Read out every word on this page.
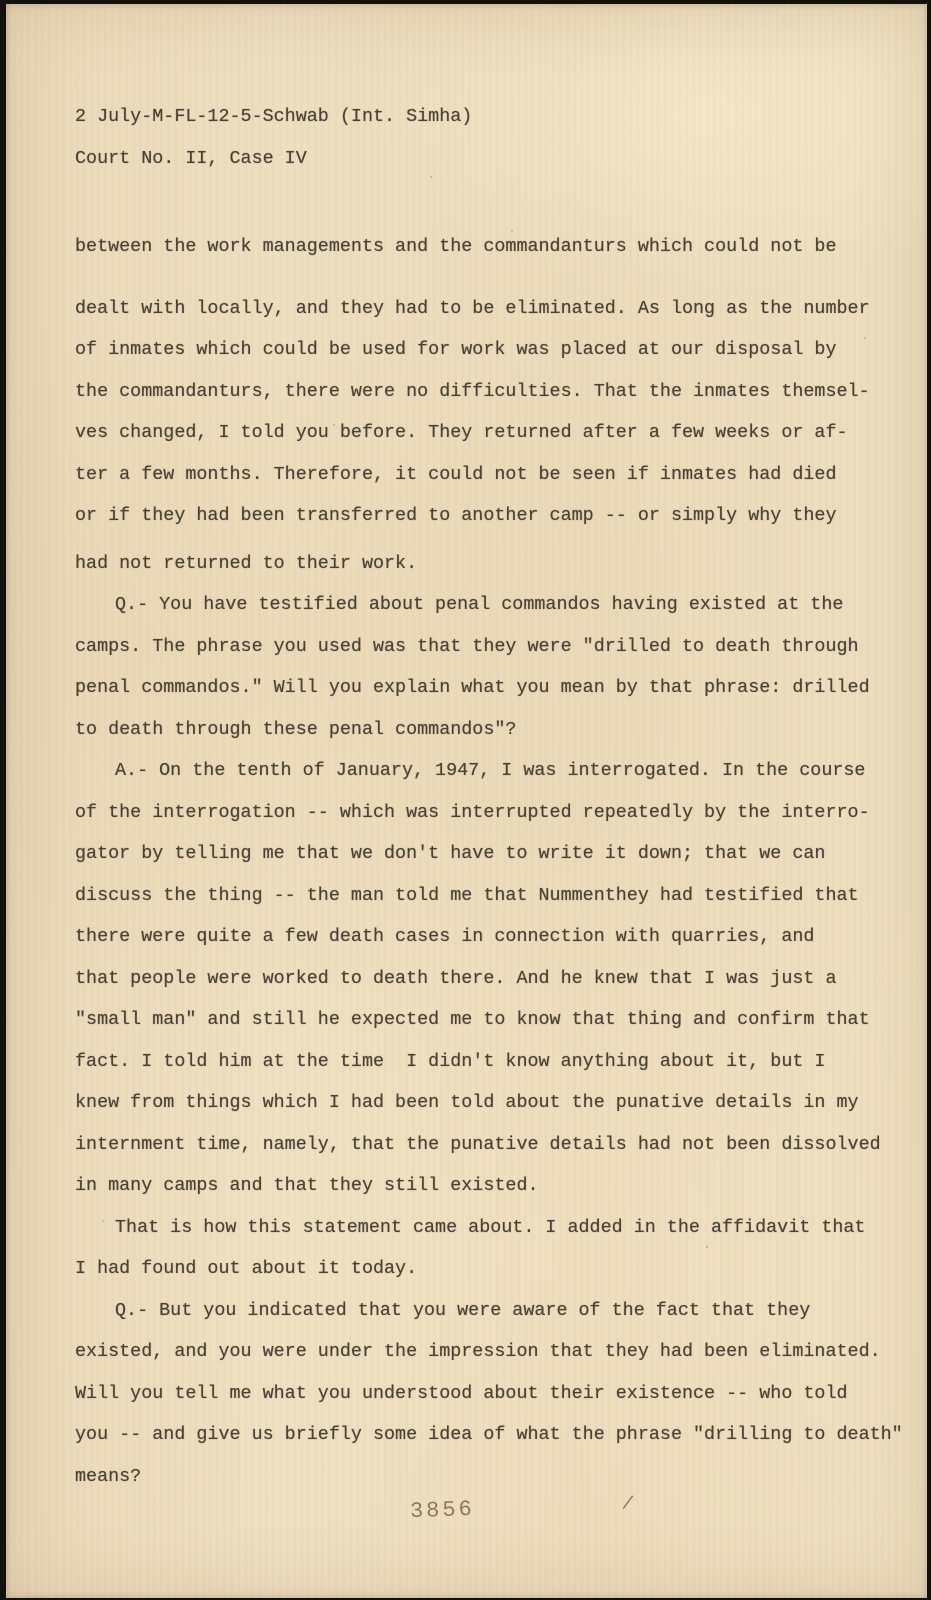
2 July-M-FL-12-5-Schwab (Int. Simha)
Court No. II, Case IV
between the work managements and the commandanturs which could not be
dealt with locally, and they had to be eliminated. As long as the number
of inmates which could be used for work was placed at our disposal by
the commandanturs, there were no difficulties. That the inmates themsel-
ves changed, I told you before. They returned after a few weeks or af-
ter a few months. Therefore, it could not be seen if inmates had died
or if they had been transferred to another camp -- or simply why they
had not returned to their work.
Q.- You have testified about penal commandos having existed at the
camps. The phrase you used was that they were "drilled to death through
penal commandos." Will you explain what you mean by that phrase: drilled
to death through these penal commandos"?
A.- On the tenth of January, 1947, I was interrogated. In the course
of the interrogation -- which was interrupted repeatedly by the interro-
gator by telling me that we don't have to write it down; that we can
discuss the thing -- the man told me that Nummenthey had testified that
there were quite a few death cases in connection with quarries, and
that people were worked to death there. And he knew that I was just a
"small man" and still he expected me to know that thing and confirm that
fact. I told him at the time  I didn't know anything about it, but I
knew from things which I had been told about the punative details in my
internment time, namely, that the punative details had not been dissolved
in many camps and that they still existed.
That is how this statement came about. I added in the affidavit that
I had found out about it today.
Q.- But you indicated that you were aware of the fact that they
existed, and you were under the impression that they had been eliminated.
Will you tell me what you understood about their existence -- who told
you -- and give us briefly some idea of what the phrase "drilling to death"
means?
3856	/
